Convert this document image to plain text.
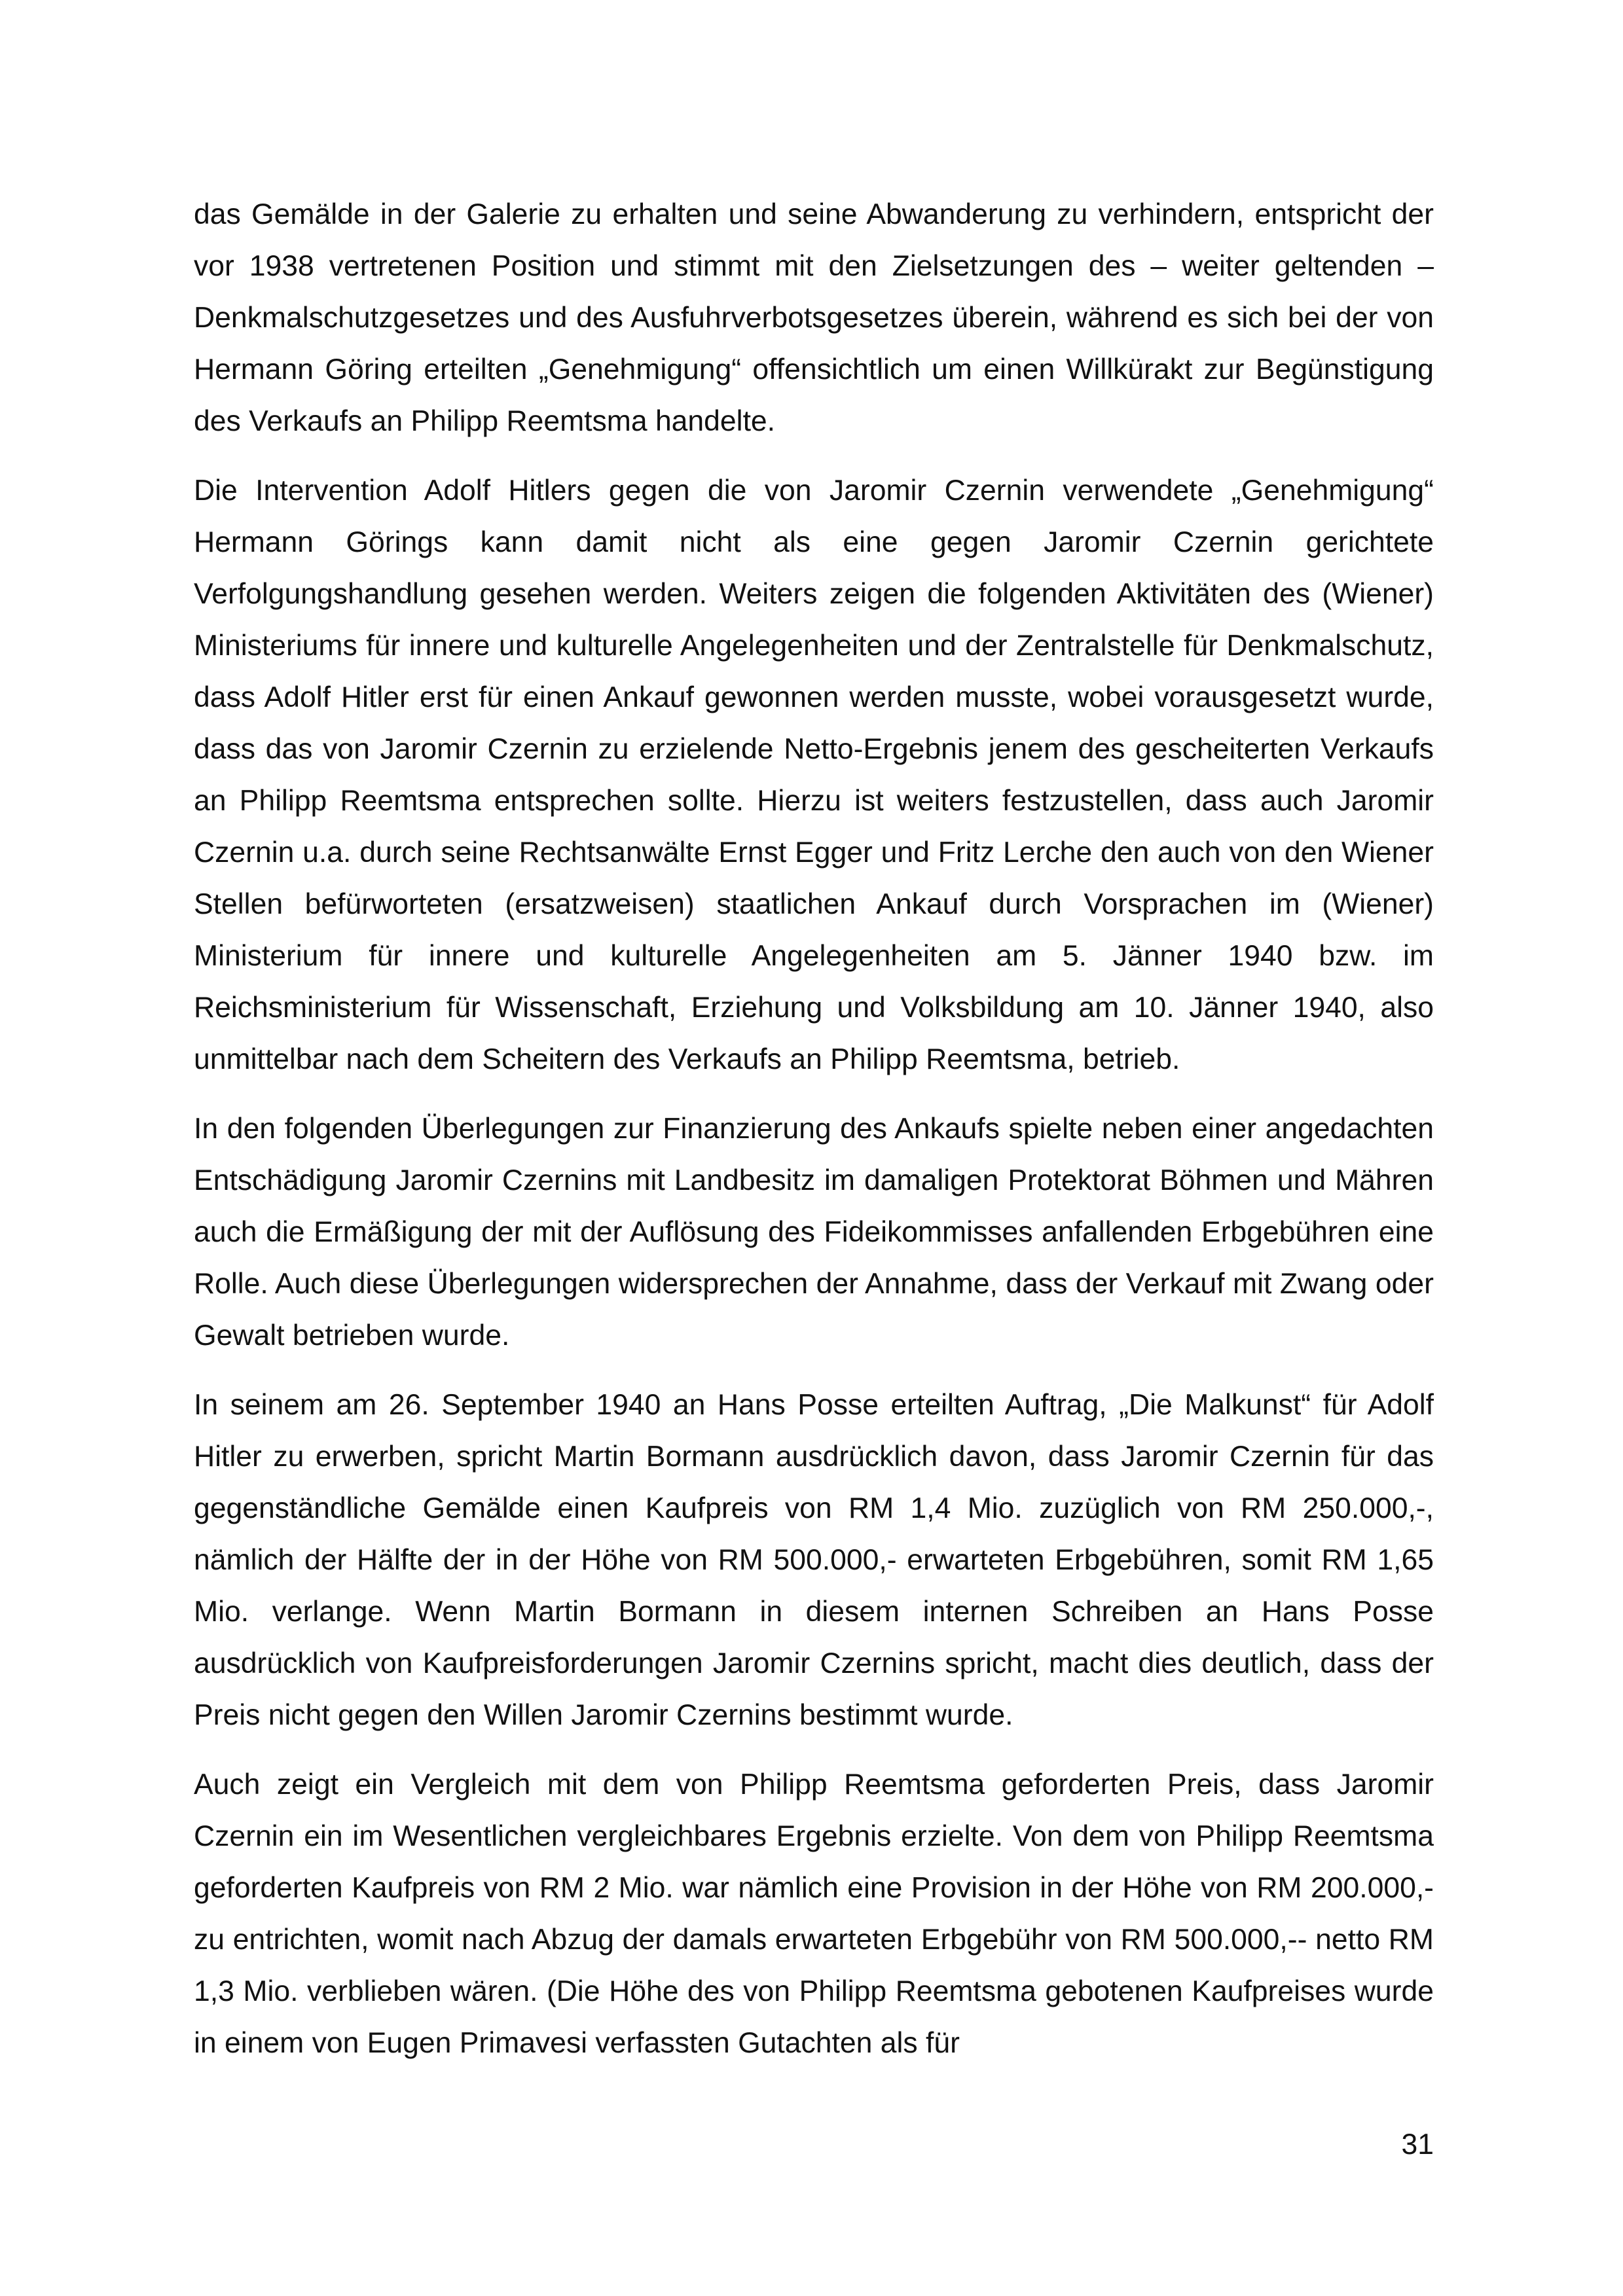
das Gemälde in der Galerie zu erhalten und seine Abwanderung zu verhindern, entspricht der vor 1938 vertretenen Position und stimmt mit den Zielsetzungen des – weiter geltenden – Denkmalschutzgesetzes und des Ausfuhrverbotsgesetzes überein, während es sich bei der von Hermann Göring erteilten „Genehmigung“ offensichtlich um einen Willkürakt zur Begünstigung des Verkaufs an Philipp Reemtsma handelte.

Die Intervention Adolf Hitlers gegen die von Jaromir Czernin verwendete „Genehmigung“ Hermann Görings kann damit nicht als eine gegen Jaromir Czernin gerichtete Verfolgungshandlung gesehen werden. Weiters zeigen die folgenden Aktivitäten des (Wiener) Ministeriums für innere und kulturelle Angelegenheiten und der Zentralstelle für Denkmalschutz, dass Adolf Hitler erst für einen Ankauf gewonnen werden musste, wobei vorausgesetzt wurde, dass das von Jaromir Czernin zu erzielende Netto-Ergebnis jenem des gescheiterten Verkaufs an Philipp Reemtsma entsprechen sollte. Hierzu ist weiters festzustellen, dass auch Jaromir Czernin u.a. durch seine Rechtsanwälte Ernst Egger und Fritz Lerche den auch von den Wiener Stellen befürworteten (ersatzweisen) staatlichen Ankauf durch Vorsprachen im (Wiener) Ministerium für innere und kulturelle Angelegenheiten am 5. Jänner 1940 bzw. im Reichsministerium für Wissenschaft, Erziehung und Volksbildung am 10. Jänner 1940, also unmittelbar nach dem Scheitern des Verkaufs an Philipp Reemtsma, betrieb.

In den folgenden Überlegungen zur Finanzierung des Ankaufs spielte neben einer angedachten Entschädigung Jaromir Czernins mit Landbesitz im damaligen Protektorat Böhmen und Mähren auch die Ermäßigung der mit der Auflösung des Fideikommisses anfallenden Erbgebühren eine Rolle. Auch diese Überlegungen widersprechen der Annahme, dass der Verkauf mit Zwang oder Gewalt betrieben wurde.

In seinem am 26. September 1940 an Hans Posse erteilten Auftrag, „Die Malkunst“ für Adolf Hitler zu erwerben, spricht Martin Bormann ausdrücklich davon, dass Jaromir Czernin für das gegenständliche Gemälde einen Kaufpreis von RM 1,4 Mio. zuzüglich von RM 250.000,-, nämlich der Hälfte der in der Höhe von RM 500.000,- erwarteten Erbgebühren, somit RM 1,65 Mio. verlange. Wenn Martin Bormann in diesem internen Schreiben an Hans Posse ausdrücklich von Kaufpreisforderungen Jaromir Czernins spricht, macht dies deutlich, dass der Preis nicht gegen den Willen Jaromir Czernins bestimmt wurde.

Auch zeigt ein Vergleich mit dem von Philipp Reemtsma geforderten Preis, dass Jaromir Czernin ein im Wesentlichen vergleichbares Ergebnis erzielte. Von dem von Philipp Reemtsma geforderten Kaufpreis von RM 2 Mio. war nämlich eine Provision in der Höhe von RM 200.000,- zu entrichten, womit nach Abzug der damals erwarteten Erbgebühr von RM 500.000,-- netto RM 1,3 Mio. verblieben wären. (Die Höhe des von Philipp Reemtsma gebotenen Kaufpreises wurde in einem von Eugen Primavesi verfassten Gutachten als für

31
